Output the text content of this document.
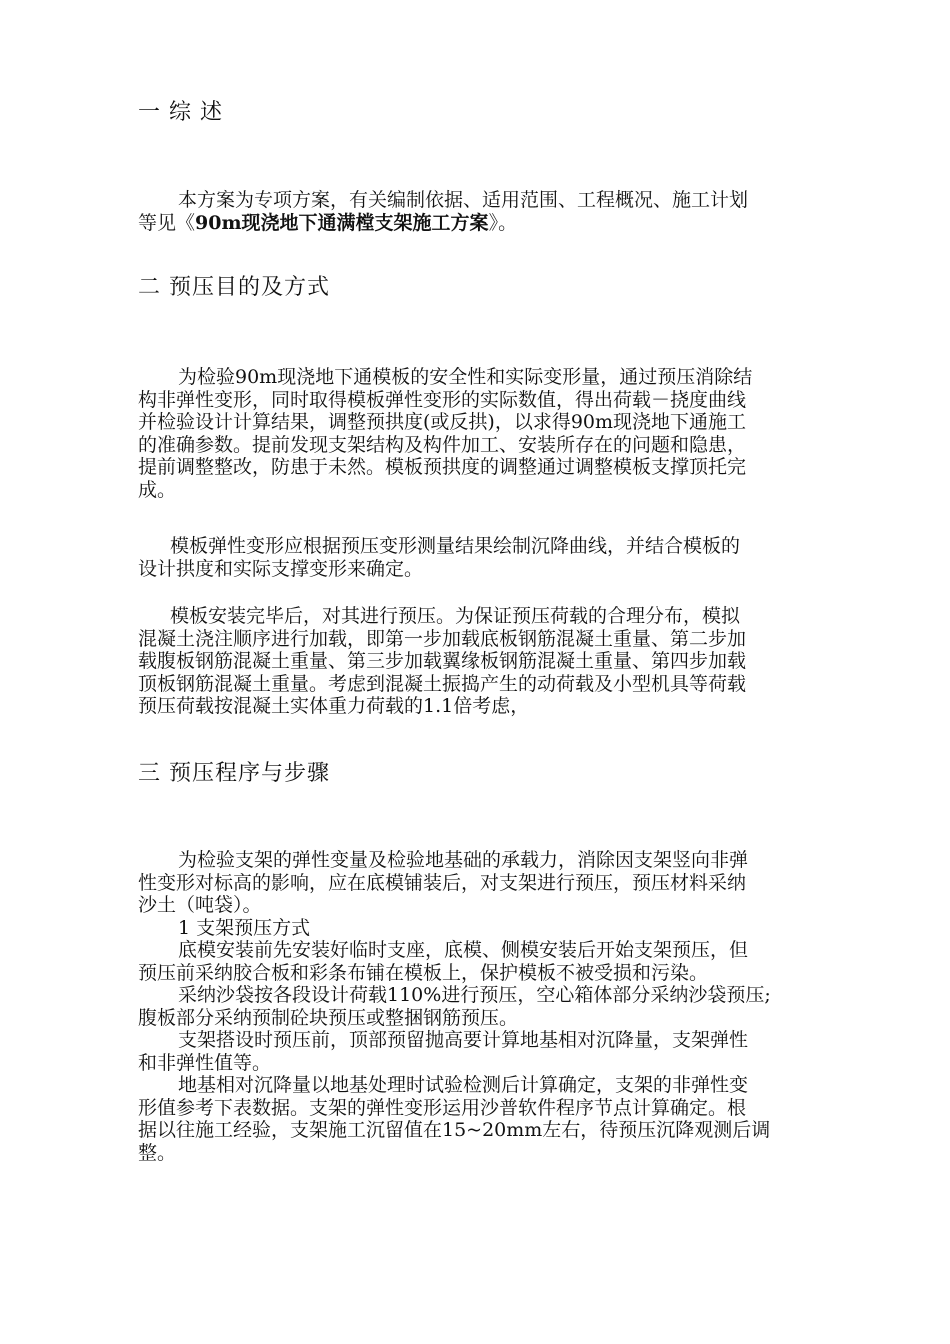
一 综 述
本方案为专项方案，有关编制依据、适用范围、工程概况、施工计划
等见《90m现浇地下通满樘支架施工方案》。
二 预压目的及方式
为检验90m现浇地下通模板的安全性和实际变形量，通过预压消除结
构非弹性变形，同时取得模板弹性变形的实际数值，得出荷载－挠度曲线
并检验设计计算结果，调整预拱度(或反拱)，以求得90m现浇地下通施工
的准确参数。提前发现支架结构及构件加工、安装所存在的问题和隐患，
提前调整整改，防患于未然。模板预拱度的调整通过调整模板支撑顶托完
成。
模板弹性变形应根据预压变形测量结果绘制沉降曲线，并结合模板的
设计拱度和实际支撑变形来确定。
模板安装完毕后，对其进行预压。为保证预压荷载的合理分布，模拟
混凝土浇注顺序进行加载，即第一步加载底板钢筋混凝土重量、第二步加
载腹板钢筋混凝土重量、第三步加载翼缘板钢筋混凝土重量、第四步加载
顶板钢筋混凝土重量。考虑到混凝土振捣产生的动荷载及小型机具等荷载
预压荷载按混凝土实体重力荷载的1.1倍考虑，
三 预压程序与步骤
为检验支架的弹性变量及检验地基础的承载力，消除因支架竖向非弹
性变形对标高的影响，应在底模铺装后，对支架进行预压，预压材料采纳
沙土（吨袋）。
1 支架预压方式
底模安装前先安装好临时支座，底模、侧模安装后开始支架预压，但
预压前采纳胶合板和彩条布铺在模板上，保护模板不被受损和污染。
采纳沙袋按各段设计荷载110%进行预压，空心箱体部分采纳沙袋预压;
腹板部分采纳预制砼块预压或整捆钢筋预压。
支架搭设时预压前，顶部预留抛高要计算地基相对沉降量，支架弹性
和非弹性值等。
地基相对沉降量以地基处理时试验检测后计算确定，支架的非弹性变
形值参考下表数据。支架的弹性变形运用沙普软件程序节点计算确定。根
据以往施工经验，支架施工沉留值在15~20mm左右，待预压沉降观测后调
整。
